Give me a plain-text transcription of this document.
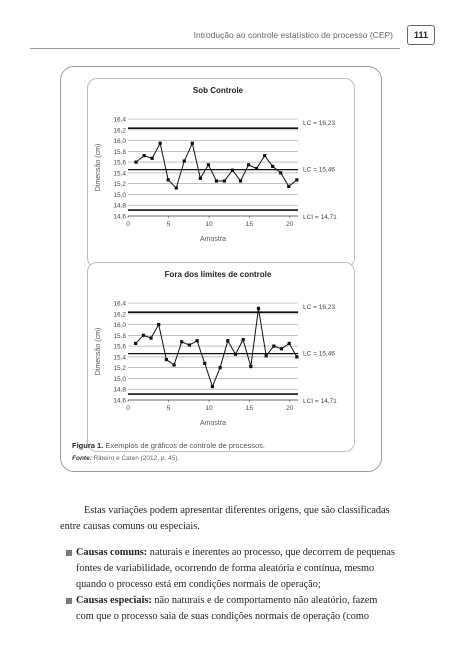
Introdução ao controle estatístico de processo (CEP)	111
Sob Controle
14,6
14,8
15,0
15,2
15,4
15,6
15,8
16,0
16,2
16,4
0	5	10	15	20
LC = 16,23
LC = 15,46
LCI = 14,71
Amostra
Dimensão (cm)
Fora dos limites de controle
14,6
14,8
15,0
15,2
15,4
15,6
15,8
16,0
16,2
16,4
0	5	10	15	20
LC = 16,23
LC = 15,46
LCI = 14,71
Amostra
Dimensão (cm)
Figura 1. Exemplos de gráficos de controle de processos.
Fonte: Ribeiro e Caten (2012, p. 45).
Estas variações podem apresentar diferentes origens, que são classificadas entre causas comuns ou especiais.
Causas comuns: naturais e inerentes ao processo, que decorrem de pequenas fontes de variabilidade, ocorrendo de forma aleatória e contínua, mesmo quando o processo está em condições normais de operação;
Causas especiais: não naturais e de comportamento não aleatório, fazem com que o processo saia de suas condições normais de operação (como
